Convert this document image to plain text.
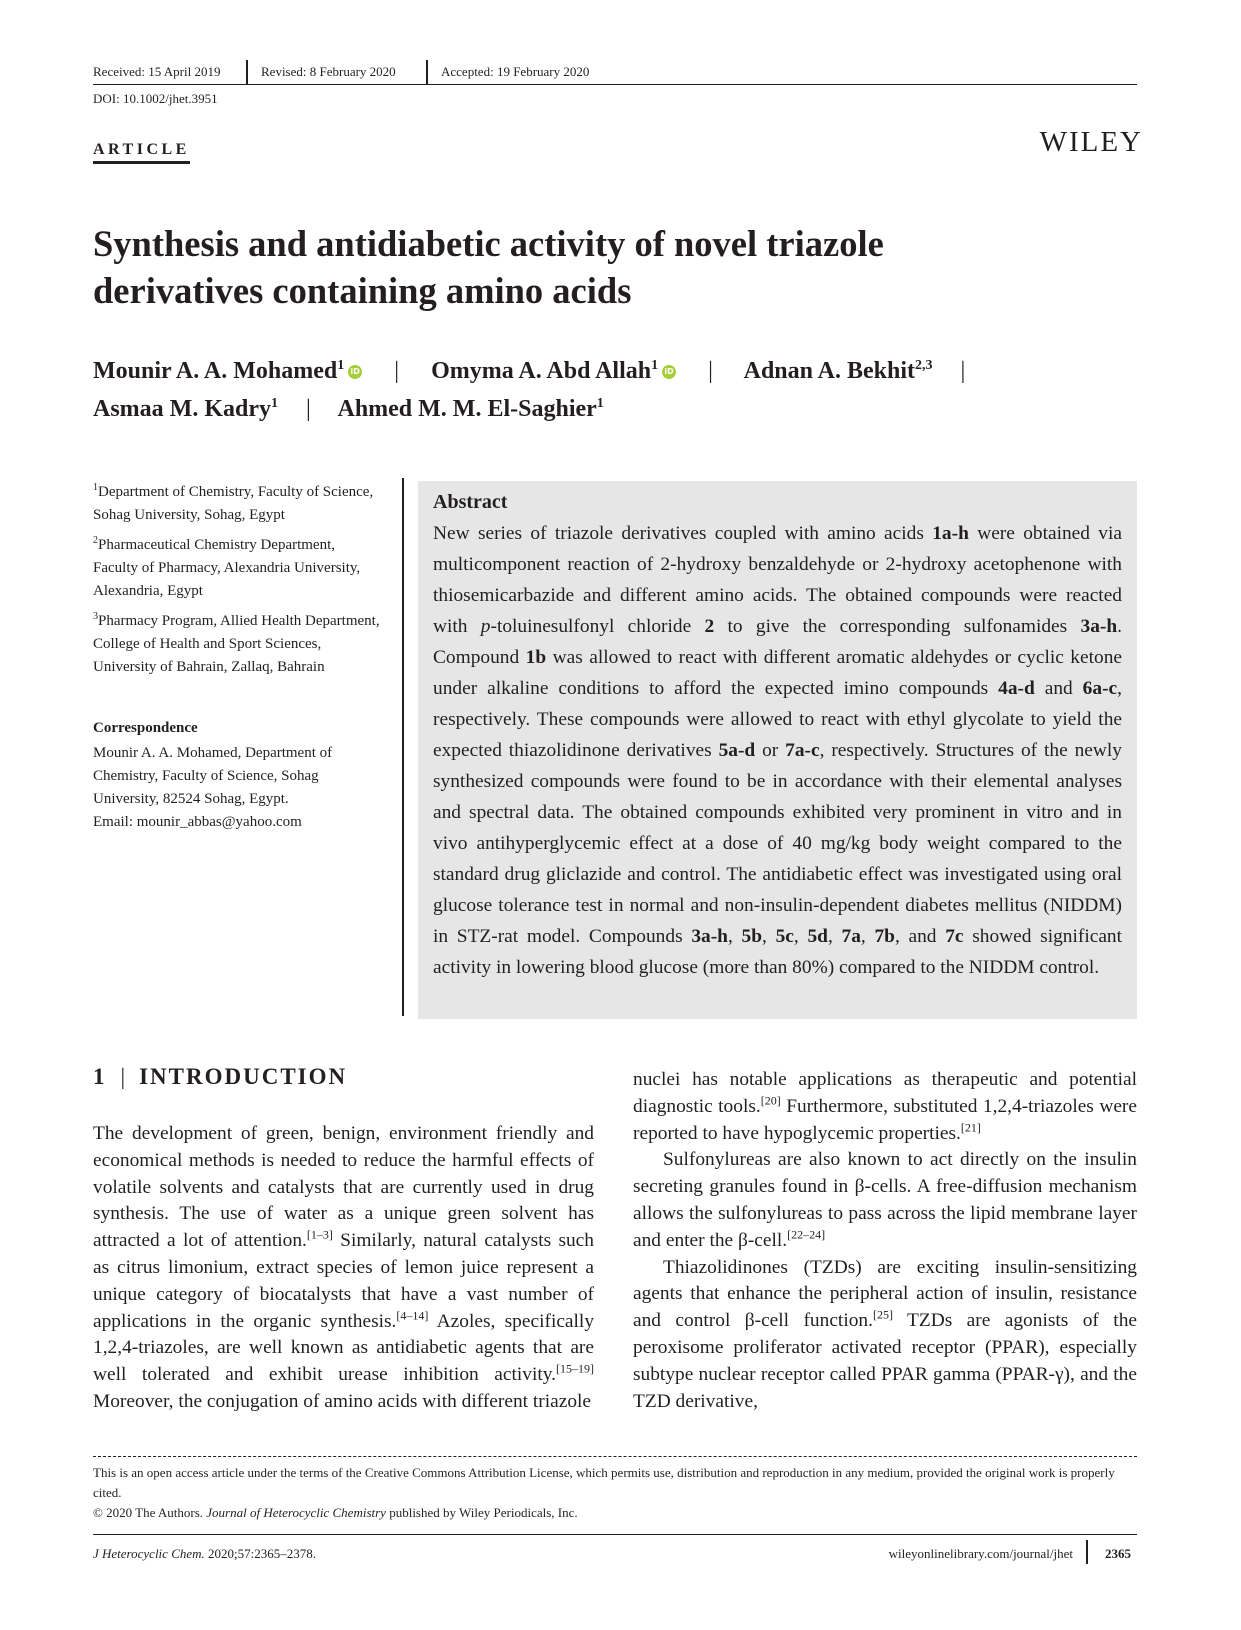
Received: 15 April 2019	Revised: 8 February 2020	Accepted: 19 February 2020
DOI: 10.1002/jhet.3951
ARTICLE	WILEY
Synthesis and antidiabetic activity of novel triazole
derivatives containing amino acids
Mounir A. A. Mohamed$^1$ iD | Omyma A. Abd Allah$^1$ iD | Adnan A. Bekhit$^{2,3}$ |
Asmaa M. Kadry$^1$ | Ahmed M. M. El-Saghier$^1$
$^1$Department of Chemistry, Faculty of Science, Sohag University, Sohag, Egypt
$^2$Pharmaceutical Chemistry Department, Faculty of Pharmacy, Alexandria University, Alexandria, Egypt
$^3$Pharmacy Program, Allied Health Department, College of Health and Sport Sciences, University of Bahrain, Zallaq, Bahrain
Correspondence
Mounir A. A. Mohamed, Department of Chemistry, Faculty of Science, Sohag University, 82524 Sohag, Egypt.
Email: mounir_abbas@yahoo.com
Abstract

New series of triazole derivatives coupled with amino acids 1a-h were obtained via multicomponent reaction of 2-hydroxy benzaldehyde or 2-hydroxy acetophenone with thiosemicarbazide and different amino acids. The obtained compounds were reacted with p-toluinesulfonyl chloride 2 to give the corresponding sulfonamides 3a-h. Compound 1b was allowed to react with different aromatic aldehydes or cyclic ketone under alkaline conditions to afford the expected imino compounds 4a-d and 6a-c, respectively. These compounds were allowed to react with ethyl glycolate to yield the expected thiazolidinone derivatives 5a-d or 7a-c, respectively. Structures of the newly synthesized compounds were found to be in accordance with their elemental analyses and spectral data. The obtained compounds exhibited very prominent in vitro and in vivo antihyperglycemic effect at a dose of 40 mg/kg body weight compared to the standard drug gliclazide and control. The antidiabetic effect was investigated using oral glucose tolerance test in normal and non-insulin-dependent diabetes mellitus (NIDDM) in STZ-rat model. Compounds 3a-h, 5b, 5c, 5d, 7a, 7b, and 7c showed significant activity in lowering blood glucose (more than 80%) compared to the NIDDM control.

1 | INTRODUCTION

The development of green, benign, environment friendly and economical methods is needed to reduce the harmful effects of volatile solvents and catalysts that are currently used in drug synthesis. The use of water as a unique green solvent has attracted a lot of attention.[1–3] Similarly, natural catalysts such as citrus limonium, extract species of lemon juice represent a unique category of biocatalysts that have a vast number of applications in the organic synthesis.[4–14] Azoles, specifically 1,2,4-triazoles, are well known as antidiabetic agents that are well tolerated and exhibit urease inhibition activity.[15–19] Moreover, the conjugation of amino acids with different triazole

nuclei has notable applications as therapeutic and potential diagnostic tools.[20] Furthermore, substituted 1,2,4-triazoles were reported to have hypoglycemic properties.[21]

Sulfonylureas are also known to act directly on the insulin secreting granules found in β-cells. A free-diffusion mechanism allows the sulfonylureas to pass across the lipid membrane layer and enter the β-cell.[22–24]

Thiazolidinones (TZDs) are exciting insulin-sensitizing agents that enhance the peripheral action of insulin, resistance and control β-cell function.[25] TZDs are agonists of the peroxisome proliferator activated receptor (PPAR), especially subtype nuclear receptor called PPAR gamma (PPAR-γ), and the TZD derivative,

This is an open access article under the terms of the Creative Commons Attribution License, which permits use, distribution and reproduction in any medium, provided the original work is properly cited.

© 2020 The Authors. Journal of Heterocyclic Chemistry published by Wiley Periodicals, Inc.

J Heterocyclic Chem. 2020;57:2365–2378.	wileyonlinelibrary.com/journal/jhet 2365
